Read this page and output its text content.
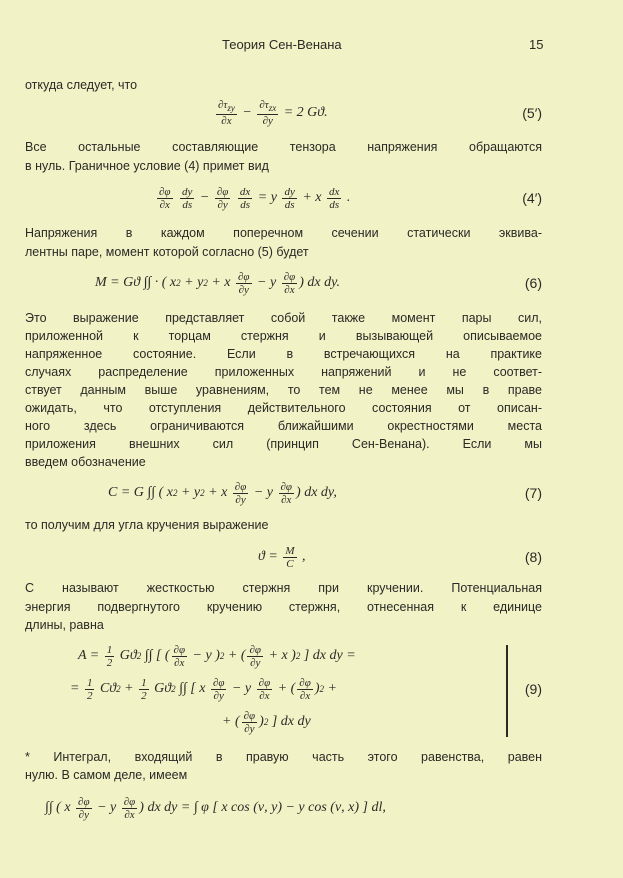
Теория Сен-Венана	15
откуда следует, что
$\partial\tau_{zy}$
∂x
−
$\partial\tau_{zx}$
∂y
= 2 Gϑ.	(5′)
Все остальные составляющие тензора напряжения обращаются
в нуль. Граничное условие (4) примет вид
$\frac{\partial\varphi}{\partial x}$
$\frac{dy}{ds} - \frac{\partial\varphi}{\partial y}$
$\frac{dx}{ds} = y \frac{dy}{ds} + x \frac{dx}{ds}$ .	(4′)
Напряжения в каждом поперечном сечении статически эквива-
лентны паре, момент которой согласно (5) будет
M = Gϑ ∫∫ · ( x 2 + y 2 + x $\frac{\partial\varphi}{\partial y} - y \frac{\partial\varphi}{\partial x}$ ) dx dy.	(6)
Это выражение представляет собой также момент пары сил,
приложенной к торцам стержня и вызывающей описываемое
напряженное состояние. Если в встречающихся на практике
случаях распределение приложенных напряжений и не соответ-
ствует данным выше уравнениям, то тем не менее мы в праве
ожидать, что отступления действительного состояния от описан-
ного здесь ограничиваются ближайшими окрестностями места
приложения внешних сил (принцип Сен-Венана). Если мы
введем обозначение
C = G ∫∫ ( x 2 + y 2 + x $\frac{\partial\varphi}{\partial y} - y \frac{\partial\varphi}{\partial x}$ ) dx dy,	(7)
то получим для угла кручения выражение
$ϑ = \frac{M}{C}$ ,	(8)
C называют жесткостью стержня при кручении. Потенциальная
энергия подвергнутого кручению стержня, отнесенная к единице
длины, равна
$A = \frac{1}{2}$ Gϑ 2 ∫∫ [ ( $\frac{\partial\varphi}{\partial x} - y$ ) 2 + ( $\frac{\partial\varphi}{\partial y} + x$ ) 2 ] dx dy =
= $\frac{1}{2}$ Cϑ $2 + \frac{1}{2}$ Gϑ 2 ∫∫ [ x $\frac{\partial\varphi}{\partial y} - y \frac{\partial\varphi}{\partial x}$ + ( $\frac{\partial\varphi}{\partial x}$ ) 2 +
+ ( $\frac{\partial\varphi}{\partial y}$ ) 2 ] dx dy
(9)
* Интеграл, входящий в правую часть этого равенства, равен
нулю. В самом деле, имеем
∫∫ ( x $\frac{\partial\varphi}{\partial y} - y \frac{\partial\varphi}{\partial x}$ ) dx dy = ∫ φ [ x cos (ν, y) − y cos (ν, x) ] dl,
